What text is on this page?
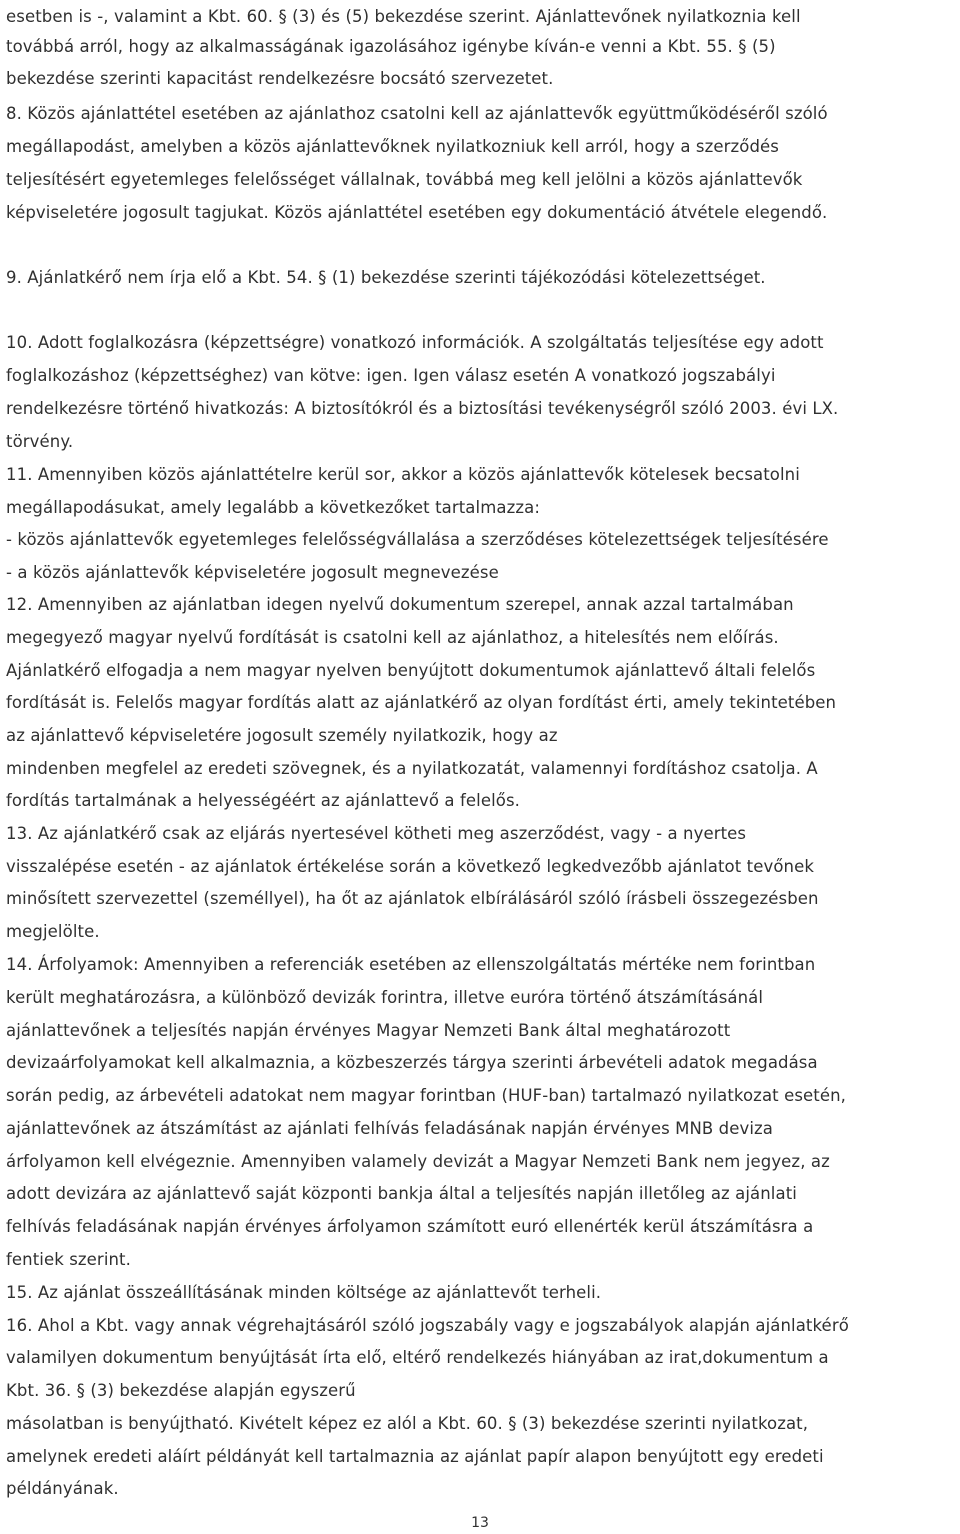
esetben is -, valamint a Kbt. 60. § (3) és (5) bekezdése szerint. Ajánlattevőnek nyilatkoznia kell
továbbá arról, hogy az alkalmasságának igazolásához igénybe kíván-e venni a Kbt. 55. § (5)
bekezdése szerinti kapacitást rendelkezésre bocsátó szervezetet.
8. Közös ajánlattétel esetében az ajánlathoz csatolni kell az ajánlattevők együttműködéséről szóló
megállapodást, amelyben a közös ajánlattevőknek nyilatkozniuk kell arról, hogy a szerződés
teljesítésért egyetemleges felelősséget vállalnak, továbbá meg kell jelölni a közös ajánlattevők
képviseletére jogosult tagjukat. Közös ajánlattétel esetében egy dokumentáció átvétele elegendő.
9. Ajánlatkérő nem írja elő a Kbt. 54. § (1) bekezdése szerinti tájékozódási kötelezettséget.
10. Adott foglalkozásra (képzettségre) vonatkozó információk. A szolgáltatás teljesítése egy adott
foglalkozáshoz (képzettséghez) van kötve: igen. Igen válasz esetén A vonatkozó jogszabályi
rendelkezésre történő hivatkozás: A biztosítókról és a biztosítási tevékenységről szóló 2003. évi LX.
törvény.
11. Amennyiben közös ajánlattételre kerül sor, akkor a közös ajánlattevők kötelesek becsatolni
megállapodásukat, amely legalább a következőket tartalmazza:
- közös ajánlattevők egyetemleges felelősségvállalása a szerződéses kötelezettségek teljesítésére
- a közös ajánlattevők képviseletére jogosult megnevezése
12. Amennyiben az ajánlatban idegen nyelvű dokumentum szerepel, annak azzal tartalmában
megegyező magyar nyelvű fordítását is csatolni kell az ajánlathoz, a hitelesítés nem előírás.
Ajánlatkérő elfogadja a nem magyar nyelven benyújtott dokumentumok ajánlattevő általi felelős
fordítását is. Felelős magyar fordítás alatt az ajánlatkérő az olyan fordítást érti, amely tekintetében
az ajánlattevő képviseletére jogosult személy nyilatkozik, hogy az
mindenben megfelel az eredeti szövegnek, és a nyilatkozatát, valamennyi fordításhoz csatolja. A
fordítás tartalmának a helyességéért az ajánlattevő a felelős.
13. Az ajánlatkérő csak az eljárás nyertesével kötheti meg aszerződést, vagy - a nyertes
visszalépése esetén - az ajánlatok értékelése során a következő legkedvezőbb ajánlatot tevőnek
minősített szervezettel (személlyel), ha őt az ajánlatok elbírálásáról szóló írásbeli összegezésben
megjelölte.
14. Árfolyamok: Amennyiben a referenciák esetében az ellenszolgáltatás mértéke nem forintban
került meghatározásra, a különböző devizák forintra, illetve euróra történő átszámításánál
ajánlattevőnek a teljesítés napján érvényes Magyar Nemzeti Bank által meghatározott
devizaárfolyamokat kell alkalmaznia, a közbeszerzés tárgya szerinti árbevételi adatok megadása
során pedig, az árbevételi adatokat nem magyar forintban (HUF-ban) tartalmazó nyilatkozat esetén,
ajánlattevőnek az átszámítást az ajánlati felhívás feladásának napján érvényes MNB deviza
árfolyamon kell elvégeznie. Amennyiben valamely devizát a Magyar Nemzeti Bank nem jegyez, az
adott devizára az ajánlattevő saját központi bankja által a teljesítés napján illetőleg az ajánlati
felhívás feladásának napján érvényes árfolyamon számított euró ellenérték kerül átszámításra a
fentiek szerint.
15. Az ajánlat összeállításának minden költsége az ajánlattevőt terheli.
16. Ahol a Kbt. vagy annak végrehajtásáról szóló jogszabály vagy e jogszabályok alapján ajánlatkérő
valamilyen dokumentum benyújtását írta elő, eltérő rendelkezés hiányában az irat,dokumentum a
Kbt. 36. § (3) bekezdése alapján egyszerű
másolatban is benyújtható. Kivételt képez ez alól a Kbt. 60. § (3) bekezdése szerinti nyilatkozat,
amelynek eredeti aláírt példányát kell tartalmaznia az ajánlat papír alapon benyújtott egy eredeti
példányának.
13
